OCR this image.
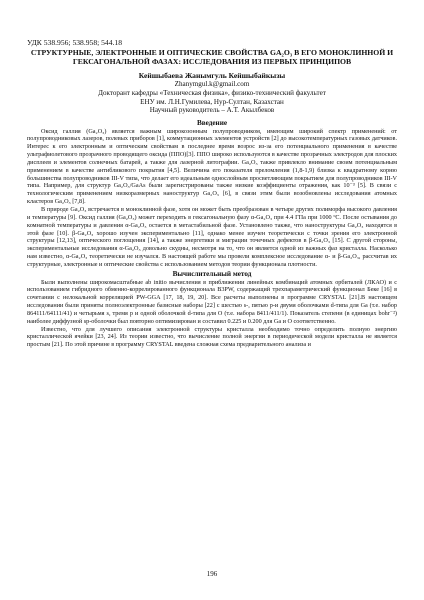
УДК 538.956; 538.958; 544.18
СТРУКТУРНЫЕ, ЭЛЕКТРОННЫЕ И ОПТИЧЕСКИЕ СВОЙСТВА GA₂O₃ В ЕГО МОНОКЛИННОЙ И ГЕКСАГОНАЛЬНОЙ ФАЗАХ: ИССЛЕДОВАНИЯ ИЗ ПЕРВЫХ ПРИНЦИПОВ
Кейшыбаева Жанымгуль Кейшыбайкызы
Zhanymgul.k@gmail.com
Докторант кафедры «Техническая физика», физико-технический факультет
ЕНУ им. Л.Н.Гумилева, Нур-Султан, Казахстан
Научный руководитель – А.Т. Акылбеков
Введение

Оксид галлия (Ga₂O₃) является важным широкозонным полупроводником, имеющим широкий спектр применений: от полупроводниковых лазеров, полевых приборов [1], коммутационных элементов устройств [2] до высокотемпературных газовых датчиков. Интерес к его электронным и оптическим свойствам в последнее время возрос из-за его потенциального применения в качестве ультрафиолетового прозрачного проводящего оксида (ППО)[3]. ППО широко используются в качестве прозрачных электродов для плоских дисплеев и элементов солнечных батарей, а также для лазерной литографии. Ga₂O₃ также привлекло внимание своим потенциальным применением в качестве антибликового покрытия [4,5]. Величина его показателя преломления (1,8-1,9) близка к квадратному корню большинства полупроводников III-V типа, что делает его идеальным однослойным просветляющим покрытием для полупроводников III-V типа. Например, для структур Ga₂O₃/GaAs были зарегистрированы также низкие коэффициенты отражения, как 10⁻³ [5]. В связи с технологическим применением низкоразмерных наноструктур Ga₂O₃ [6], в связи этим были возобновлены исследования атомных кластеров Ga₂O₃ [7,8].

В природе Ga₂O₃ встречается в моноклинной фазе, хотя он может быть преобразован в четыре других полиморфа высокого давления и температуры [9]. Оксид галлия (Ga₂O₃) может переходить в гексагональную фазу α-Ga₂O₃ при 4.4 ГПа при 1000 ºС. После остывания до комнатной температуры и давления α-Ga₂O₃ остается в метастабильной фазе. Установлено также, что наноструктуры Ga₂O₃ находятся в этой фазе [10]. β-Ga₂O₃ хорошо изучен экспериментально [11], однако менее изучен теоретически с точки зрения его электронной структуры [12,13], оптического поглощения [14], а также энергетики и миграции точечных дефектов в β-Ga₂O₃ [15]. С другой стороны, экспериментальные исследования α-Ga₂O₃ довольно скудны, несмотря на то, что он является одной из важных фаз кристалла. Насколько нам известно, α-Ga₂O₃ теоретически не изучался. В настоящей работе мы провели комплексное исследование α- и β-Ga₂O₃, рассчитав их структурные, электронные и оптические свойства с использованием методов теории функционала плотности.

Вычислительный метод

Были выполнены широкомасштабные ab initio вычисления в приближении линейных комбинаций атомных орбиталей (ЛКАО) и с использованием гибридного обменно-коррелированного функционала B3PW, содержащий трехпараметрический функционал Беке [16] в сочетании с нелокальной корреляцией PW-GGA [17, 18, 19, 20]. Все расчеты выполнены в программе CRYSTAL [21].В настоящем исследовании были приняты полноэлектронные базисные наборы [22] с шестью s-, пятью p-и двумя оболочками d-типа для Ga (т.е. набор 864111/64111/41) и четырьмя s, тремя p и одной оболочкой d-типа для O (т.е. набора 8411/411/1). Показатель степени (в единицах bohr⁻²) наиболее диффузной sp-оболочки был повторно оптимизирован и составил 0.225 и 0.200 для Ga и O соответственно.

Известно, что для лучшего описания электронной структуры кристалла необходимо точно определить полную энергию кристаллической ячейки [23, 24]. Из теории известно, что вычисление полной энергии в периодической модели кристалла не является простым [21]. По этой причине в программу CRYSTAL введена сложная схема предварительного анализа и

196
